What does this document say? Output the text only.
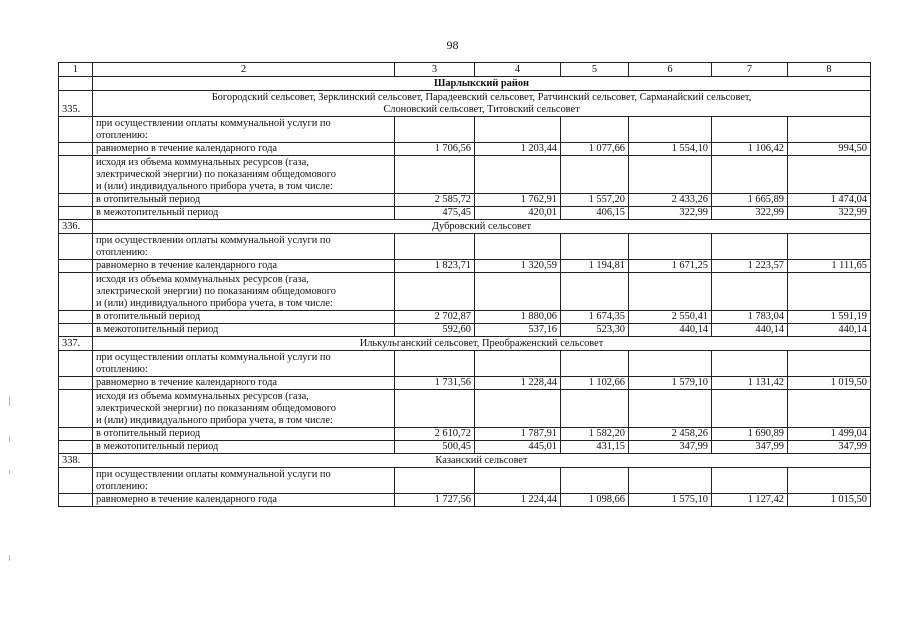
98
1	2	3	4	5	6	7	8
	Шарлыкский район						
335.	Богородский сельсовет, Зерклинский сельсовет, Парадеевский сельсовет, Ратчинский сельсовет, Сарманайский сельсовет,
Слоновский сельсовет, Титовский сельсовет						
	при осуществлении оплаты коммунальной услуги по
отоплению:						
	равномерно в течение календарного года	1 706,56	1 203,44	1 077,66	1 554,10	1 106,42	994,50
	исходя из объема коммунальных ресурсов (газа,
электрической энергии) по показаниям общедомового
и (или) индивидуального прибора учета, в том числе:						
	в отопительный период	2 585,72	1 762,91	1 557,20	2 433,26	1 665,89	1 474,04
	в межотопительный период	475,45	420,01	406,15	322,99	322,99	322,99
336.	Дубровский сельсовет						
	при осуществлении оплаты коммунальной услуги по
отоплению:						
	равномерно в течение календарного года	1 823,71	1 320,59	1 194,81	1 671,25	1 223,57	1 111,65
	исходя из объема коммунальных ресурсов (газа,
электрической энергии) по показаниям общедомового
и (или) индивидуального прибора учета, в том числе:						
	в отопительный период	2 702,87	1 880,06	1 674,35	2 550,41	1 783,04	1 591,19
	в межотопительный период	592,60	537,16	523,30	440,14	440,14	440,14
337.	Илькульганский сельсовет, Преображенский сельсовет						
	при осуществлении оплаты коммунальной услуги по
отоплению:						
	равномерно в течение календарного года	1 731,56	1 228,44	1 102,66	1 579,10	1 131,42	1 019,50
	исходя из объема коммунальных ресурсов (газа,
электрической энергии) по показаниям общедомового
и (или) индивидуального прибора учета, в том числе:						
	в отопительный период	2 610,72	1 787,91	1 582,20	2 458,26	1 690,89	1 499,04
	в межотопительный период	500,45	445,01	431,15	347,99	347,99	347,99
338.	Казанский сельсовет						
	при осуществлении оплаты коммунальной услуги по
отоплению:						
	равномерно в течение календарного года	1 727,56	1 224,44	1 098,66	1 575,10	1 127,42	1 015,50
